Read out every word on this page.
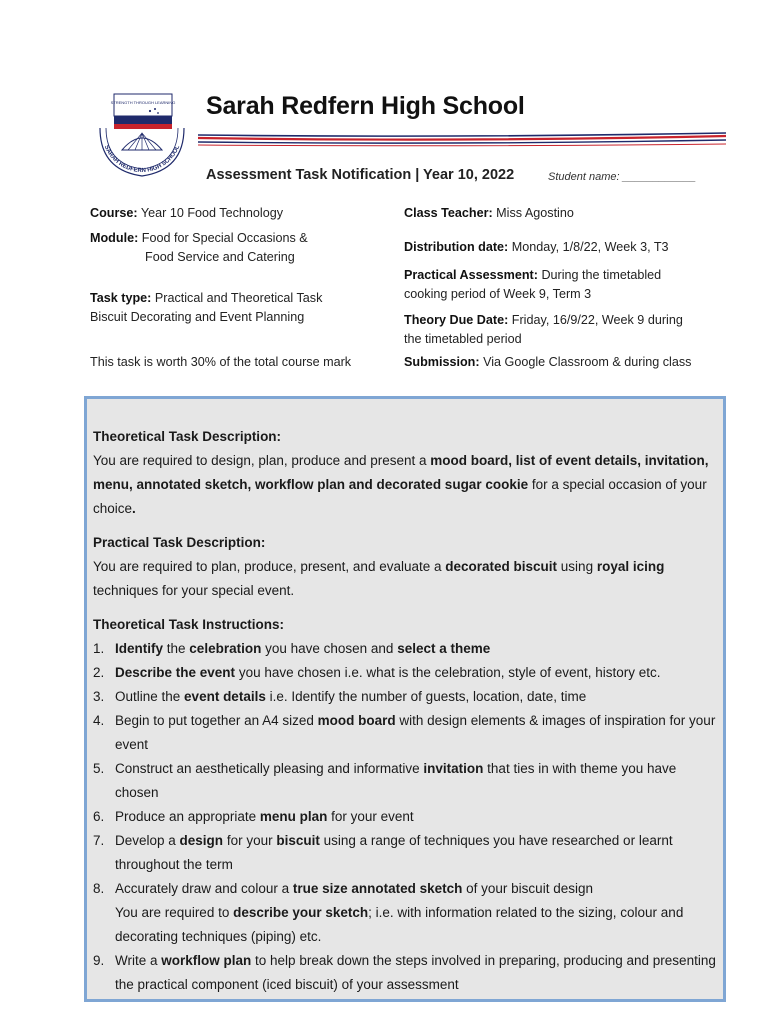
STRENGTH THROUGH LEARNING
SARAH REDFERN HIGH SCHOOL
Sarah Redfern High School
Assessment Task Notification | Year 10, 2022	Student name: ____________
Course: Year 10 Food Technology
Module: Food for Special Occasions &
Food Service and Catering
Task type: Practical and Theoretical Task
Biscuit Decorating and Event Planning
This task is worth 30% of the total course mark
Class Teacher: Miss Agostino
Distribution date: Monday, 1/8/22, Week 3, T3
Practical Assessment: During the timetabled
cooking period of Week 9, Term 3
Theory Due Date: Friday, 16/9/22, Week 9 during
the timetabled period
Submission: Via Google Classroom & during class
Theoretical Task Description:
You are required to design, plan, produce and present a mood board, list of event details, invitation, menu, annotated sketch, workflow plan and decorated sugar cookie for a special occasion of your choice.
Practical Task Description:
You are required to plan, produce, present, and evaluate a decorated biscuit using royal icing techniques for your special event.
Theoretical Task Instructions:
1. Identify the celebration you have chosen and select a theme
2. Describe the event you have chosen i.e. what is the celebration, style of event, history etc.
3. Outline the event details i.e. Identify the number of guests, location, date, time
4. Begin to put together an A4 sized mood board with design elements & images of inspiration for your event
5. Construct an aesthetically pleasing and informative invitation that ties in with theme you have chosen
6. Produce an appropriate menu plan for your event
7. Develop a design for your biscuit using a range of techniques you have researched or learnt throughout the term
8. Accurately draw and colour a true size annotated sketch of your biscuit design
You are required to describe your sketch; i.e. with information related to the sizing, colour and decorating techniques (piping) etc.
9. Write a workflow plan to help break down the steps involved in preparing, producing and presenting the practical component (iced biscuit) of your assessment
